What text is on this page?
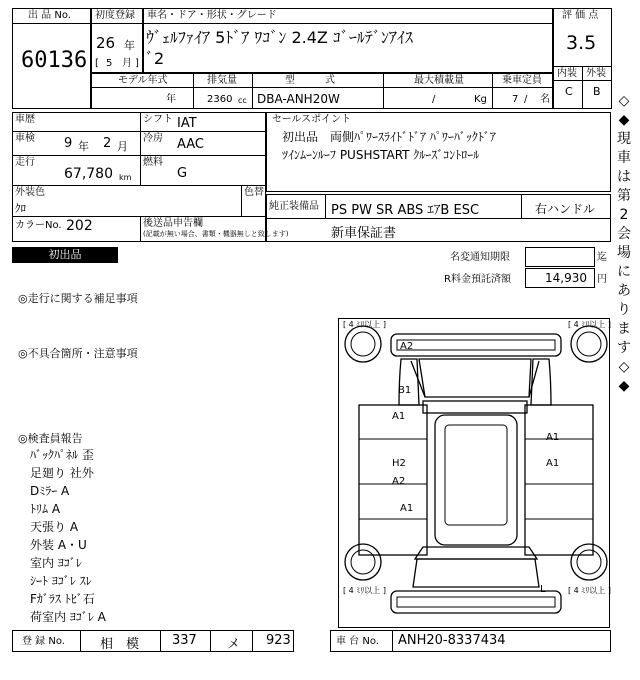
出 品 No.
60136
初度登録
26 年
[ 5 月 ]
車名・ドア・形状・グレード
ｳﾞｪﾙﾌｧｲｱ 5ﾄﾞｱ ﾜｺﾞﾝ 2.4Z ｺﾞｰﾙﾃﾞﾝｱｲｽ
ﾞ2
評 価 点
3.5
内装 外装
C B
モデル年式	排気量	型　　　式	最大積載量	乗車定員
年	2360 cc DBA-ANH20W	/	Kg	7 / 名
車歴
車検 9 年 2 月
走行
67,780 km
シフト IAT
冷房 AAC
燃料
G
外装色
ｸﾛ
色替
カラーNo. 202	後送品申告欄
(記載が無い場合、書類・機器無しと致します)
セールスポイント
初出品　両側ﾊﾟﾜｰｽﾗｲﾄﾞﾄﾞｱ ﾊﾟﾜｰﾊﾞｯｸﾄﾞｱ
ﾂｲﾝﾑｰﾝﾙｰﾌ PUSHSTART ｸﾙｰｽﾞｺﾝﾄﾛｰﾙ
純正装備品 PS PW SR ABS ｴｱB ESC	右ハンドル
新車保証書
初出品	名変通知期限	迄
R料金預託済額	14,930 円
◎走行に関する補足事項
◎不具合箇所・注意事項
◎検査員報告
ﾊﾞｯｸﾊﾟﾈﾙ 歪
足廻り 社外
Dﾐﾗｰ A
ﾄﾘﾑ A
天張り A
外装 A・U
室内 ﾖｺﾞﾚ
ｼｰﾄ ﾖｺﾞﾚ ｽﾚ
Fｶﾞﾗｽ ﾄﾋﾞ石
荷室内 ﾖｺﾞﾚ A
[ 4 ﾐﾘ以上 ]	[ 4 ﾐﾘ以上 ]
[ 4 ﾐﾘ以上 ]	[ 4 ﾐﾘ以上 ]
A2
B1
A1
H2
A2
A1
A1
A1
L
◇
◆
現
車
は
第
2
会
場
に
あ
り
ま
す
◇
◆
登 録 No.	相　模	337 メ 923	車 台 No. ANH20-8337434
